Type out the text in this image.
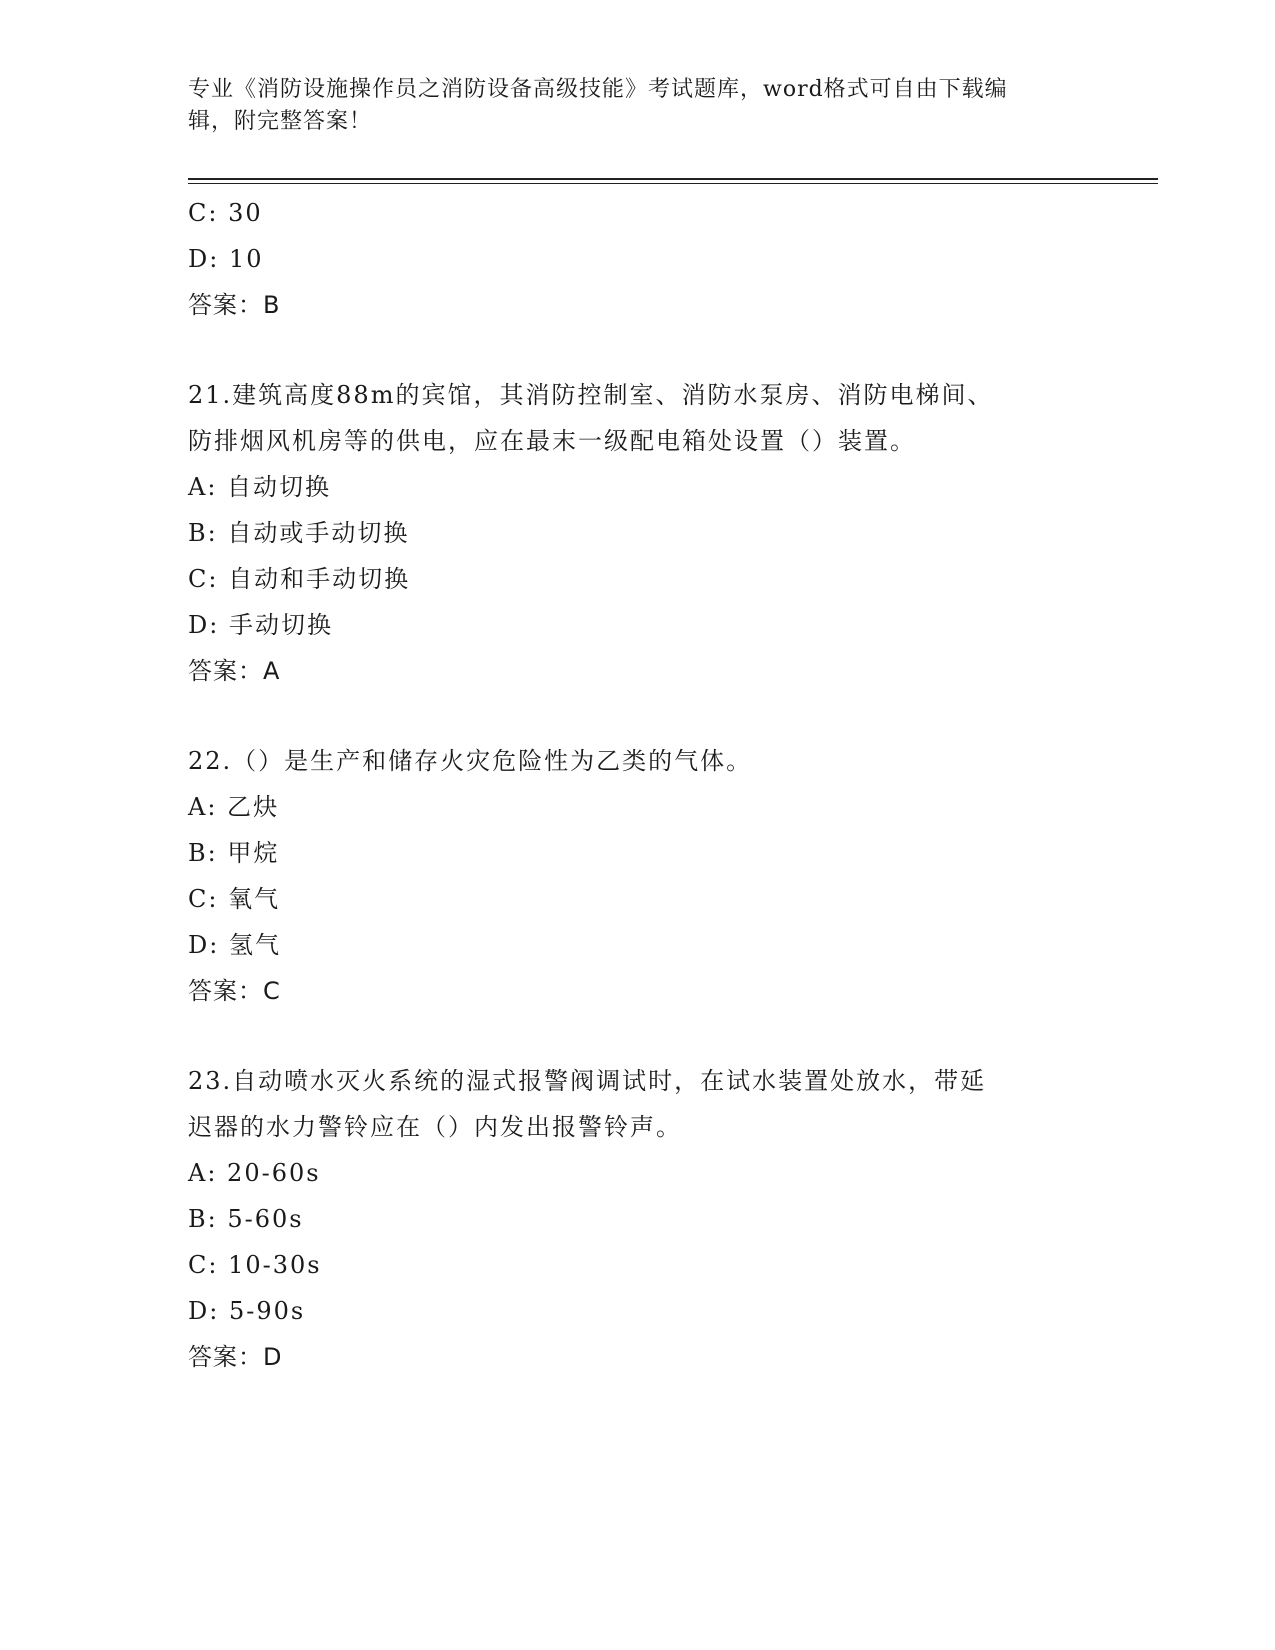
专业《消防设施操作员之消防设备高级技能》考试题库，word格式可自由下载编
辑，附完整答案！
C: 30
D: 10
答案：B
21.建筑高度88m的宾馆，其消防控制室、消防水泵房、消防电梯间、
防排烟风机房等的供电，应在最末一级配电箱处设置（）装置。
A: 自动切换
B: 自动或手动切换
C: 自动和手动切换
D: 手动切换
答案：A
22.（）是生产和储存火灾危险性为乙类的气体。
A: 乙炔
B: 甲烷
C: 氧气
D: 氢气
答案：C
23.自动喷水灭火系统的湿式报警阀调试时，在试水装置处放水，带延
迟器的水力警铃应在（）内发出报警铃声。
A: 20-60s
B: 5-60s
C: 10-30s
D: 5-90s
答案：D
